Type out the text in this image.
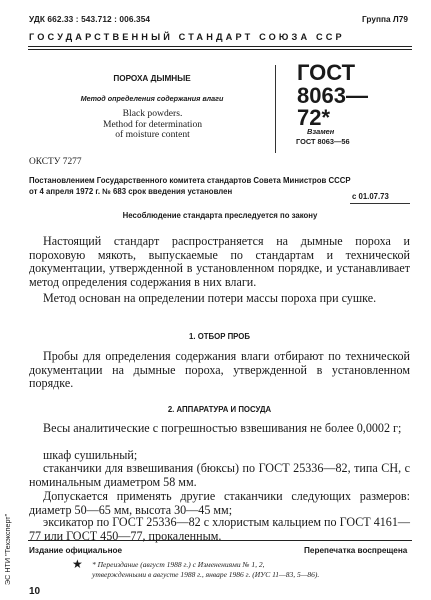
УДК 662.33 : 543.712 : 006.354	Группа Л79
ГОСУДАРСТВЕННЫЙ СТАНДАРТ СОЮЗА ССР
ПОРОХА ДЫМНЫЕ
Метод определения содержания влаги
Black powders.
Method for determination
of moisture content
ГОСТ
8063—72*
Взамен
ГОСТ 8063—56
ОКСТУ 7277
Постановлением Государственного комитета стандартов Совета Министров СССР
от 4 апреля 1972 г. № 683 срок введения установлен
с 01.07.73
Несоблюдение стандарта преследуется по закону
Настоящий стандарт распространяется на дымные пороха и пороховую мякоть, выпускаемые по стандартам и технической документации, утвержденной в установленном порядке, и устанавливает метод определения содержания в них влаги.
Метод основан на определении потери массы пороха при сушке.
1. ОТБОР ПРОБ
Пробы для определения содержания влаги отбирают по технической документации на дымные пороха, утвержденной в установленном порядке.
2. АППАРАТУРА И ПОСУДА
Весы аналитические с погрешностью взвешивания не более 0,0002 г;
шкаф сушильный;
стаканчики для взвешивания (бюксы) по ГОСТ 25336—82, типа СН, с номинальным диаметром 58 мм.
Допускается применять другие стаканчики следующих размеров: диаметр 50—65 мм, высота 30—45 мм;
эксикатор по ГОСТ 25336—82 с хлористым кальцием по ГОСТ 4161—77 или ГОСТ 450—77, прокаленным.
Издание официальное	Перепечатка воспрещена
★ * Переиздание (август 1988 г.) с Изменениями № 1, 2,
утвержденными в августе 1988 г., январе 1986 г. (ИУС 11—83, 5—86).
10
ЭС НТИ "Техэксперт"
